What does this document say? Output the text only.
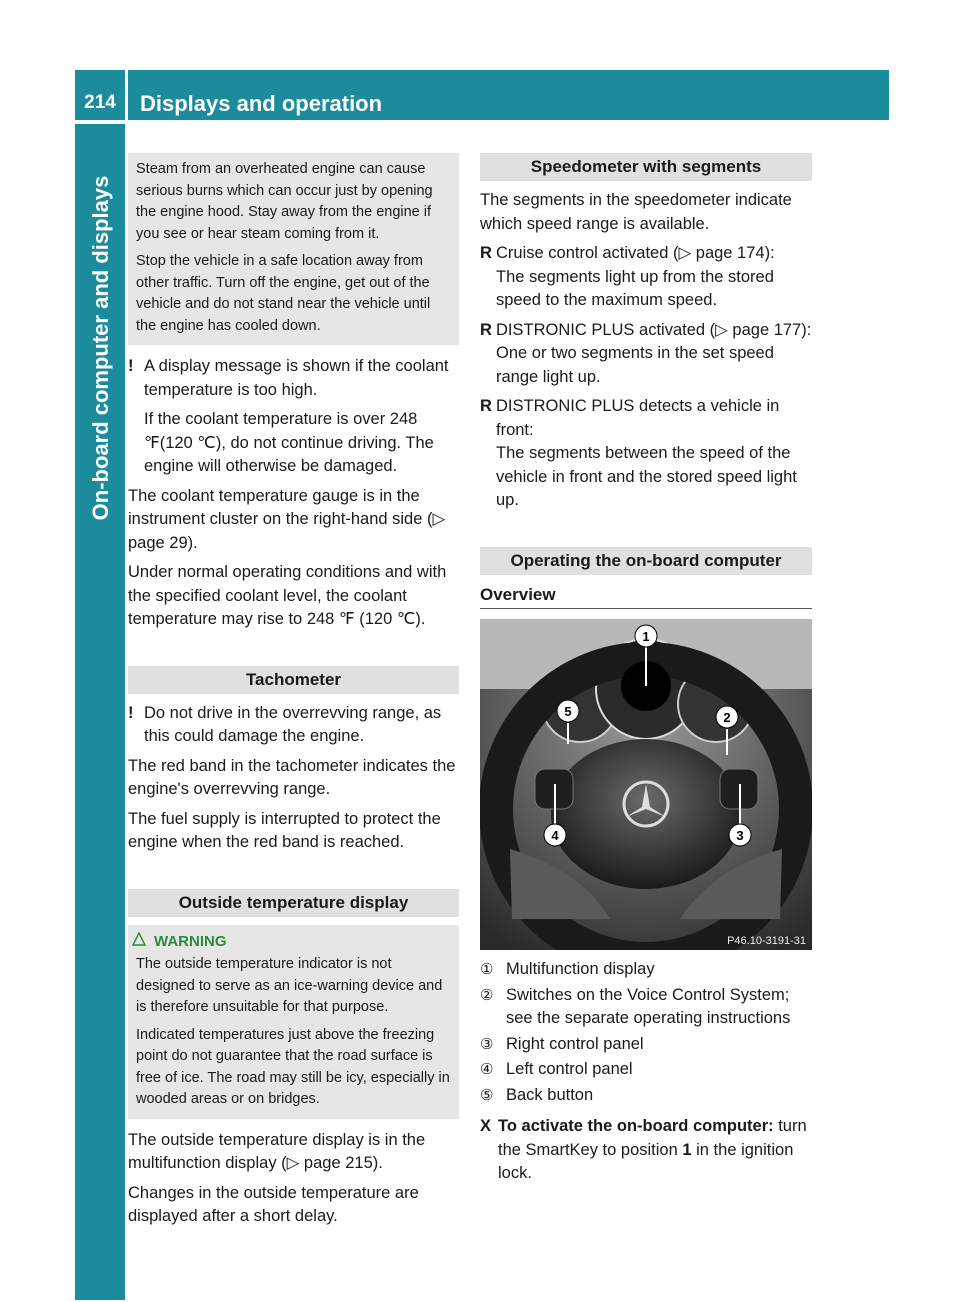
214	Displays and operation
On-board computer and displays

Steam from an overheated engine can cause serious burns which can occur just by opening the engine hood. Stay away from the engine if you see or hear steam coming from it.

Stop the vehicle in a safe location away from other traffic. Turn off the engine, get out of the vehicle and do not stand near the vehicle until the engine has cooled down.

! A display message is shown if the coolant temperature is too high.
If the coolant temperature is over 248 ℉(120 ℃), do not continue driving. The engine will otherwise be damaged.

The coolant temperature gauge is in the instrument cluster on the right-hand side (▷ page 29).

Under normal operating conditions and with the specified coolant level, the coolant temperature may rise to 248 ℉ (120 ℃).

Tachometer
! Do not drive in the overrevving range, as this could damage the engine.

The red band in the tachometer indicates the engine's overrevving range.

The fuel supply is interrupted to protect the engine when the red band is reached.

Outside temperature display
WARNING

The outside temperature indicator is not designed to serve as an ice-warning device and is therefore unsuitable for that purpose.

Indicated temperatures just above the freezing point do not guarantee that the road surface is free of ice. The road may still be icy, especially in wooded areas or on bridges.

The outside temperature display is in the multifunction display (▷ page 215).

Changes in the outside temperature are displayed after a short delay.

Speedometer with segments

The segments in the speedometer indicate which speed range is available.

R Cruise control activated (▷ page 174):

The segments light up from the stored speed to the maximum speed.

R DISTRONIC PLUS activated (▷ page 177):

One or two segments in the set speed range light up.

R DISTRONIC PLUS detects a vehicle in front:

The segments between the speed of the vehicle in front and the stored speed light up.

Operating the on-board computer
Overview
1
2
3
4
5
P46.10-3191-31
① Multifunction display
② Switches on the Voice Control System; see the separate operating instructions
③ Right control panel
④ Left control panel
⑤ Back button
X To activate the on-board computer: turn the SmartKey to position 1 in the ignition lock.
